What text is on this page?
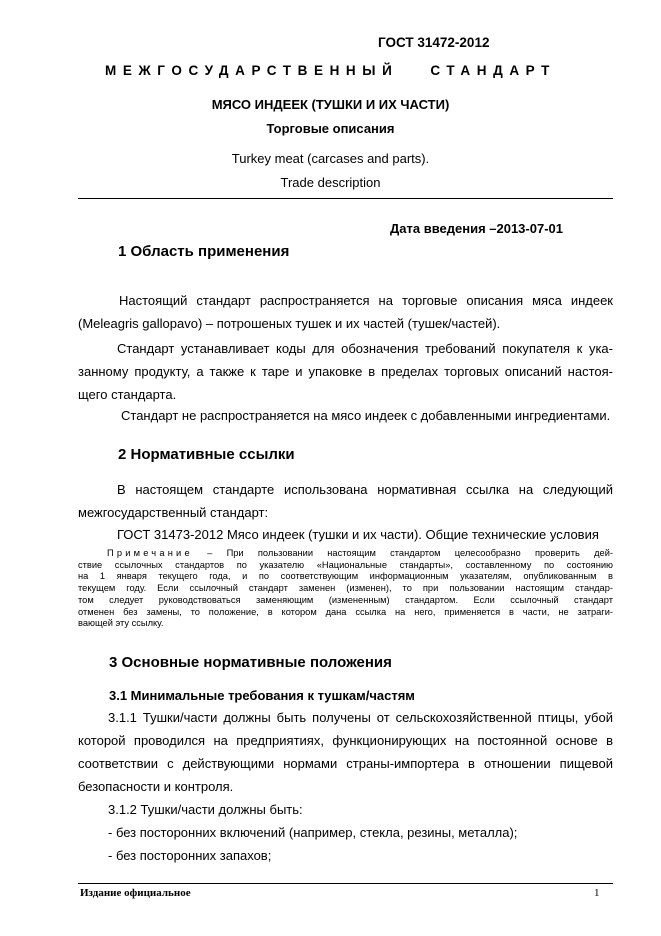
ГОСТ 31472-2012
МЕЖГОСУДАРСТВЕННЫЙ СТАНДАРТ
МЯСО ИНДЕЕК (ТУШКИ И ИХ ЧАСТИ)
Торговые описания
Turkey meat (carcases and parts).
Trade description
Дата введения –2013-07-01
1 Область применения
Настоящий стандарт распространяется на торговые описания мяса индеек
(Meleagris gallopavo) – потрошеных тушек и их частей (тушек/частей).
Стандарт устанавливает коды для обозначения требований покупателя к ука-
занному продукту, а также к таре и упаковке в пределах торговых описаний настоя-
щего стандарта.
Стандарт не распространяется на мясо индеек с добавленными ингредиентами.
2 Нормативные ссылки
В настоящем стандарте использована нормативная ссылка на следующий
межгосударственный стандарт:
ГОСТ 31473-2012 Мясо индеек (тушки и их части). Общие технические условия
Примечание – При пользовании настоящим стандартом целесообразно проверить дей-
ствие ссылочных стандартов по указателю «Национальные стандарты», составленному по состоянию
на 1 января текущего года, и по соответствующим информационным указателям, опубликованным в
текущем году. Если ссылочный стандарт заменен (изменен), то при пользовании настоящим стандар-
том следует руководствоваться заменяющим (измененным) стандартом. Если ссылочный стандарт
отменен без замены, то положение, в котором дана ссылка на него, применяется в части, не затраги-
вающей эту ссылку.
3 Основные нормативные положения
3.1 Минимальные требования к тушкам/частям
3.1.1 Тушки/части должны быть получены от сельскохозяйственной птицы, убой
которой проводился на предприятиях, функционирующих на постоянной основе в
соответствии с действующими нормами страны-импортера в отношении пищевой
безопасности и контроля.
3.1.2 Тушки/части должны быть:
- без посторонних включений (например, стекла, резины, металла);
- без посторонних запахов;
Издание официальное	1
